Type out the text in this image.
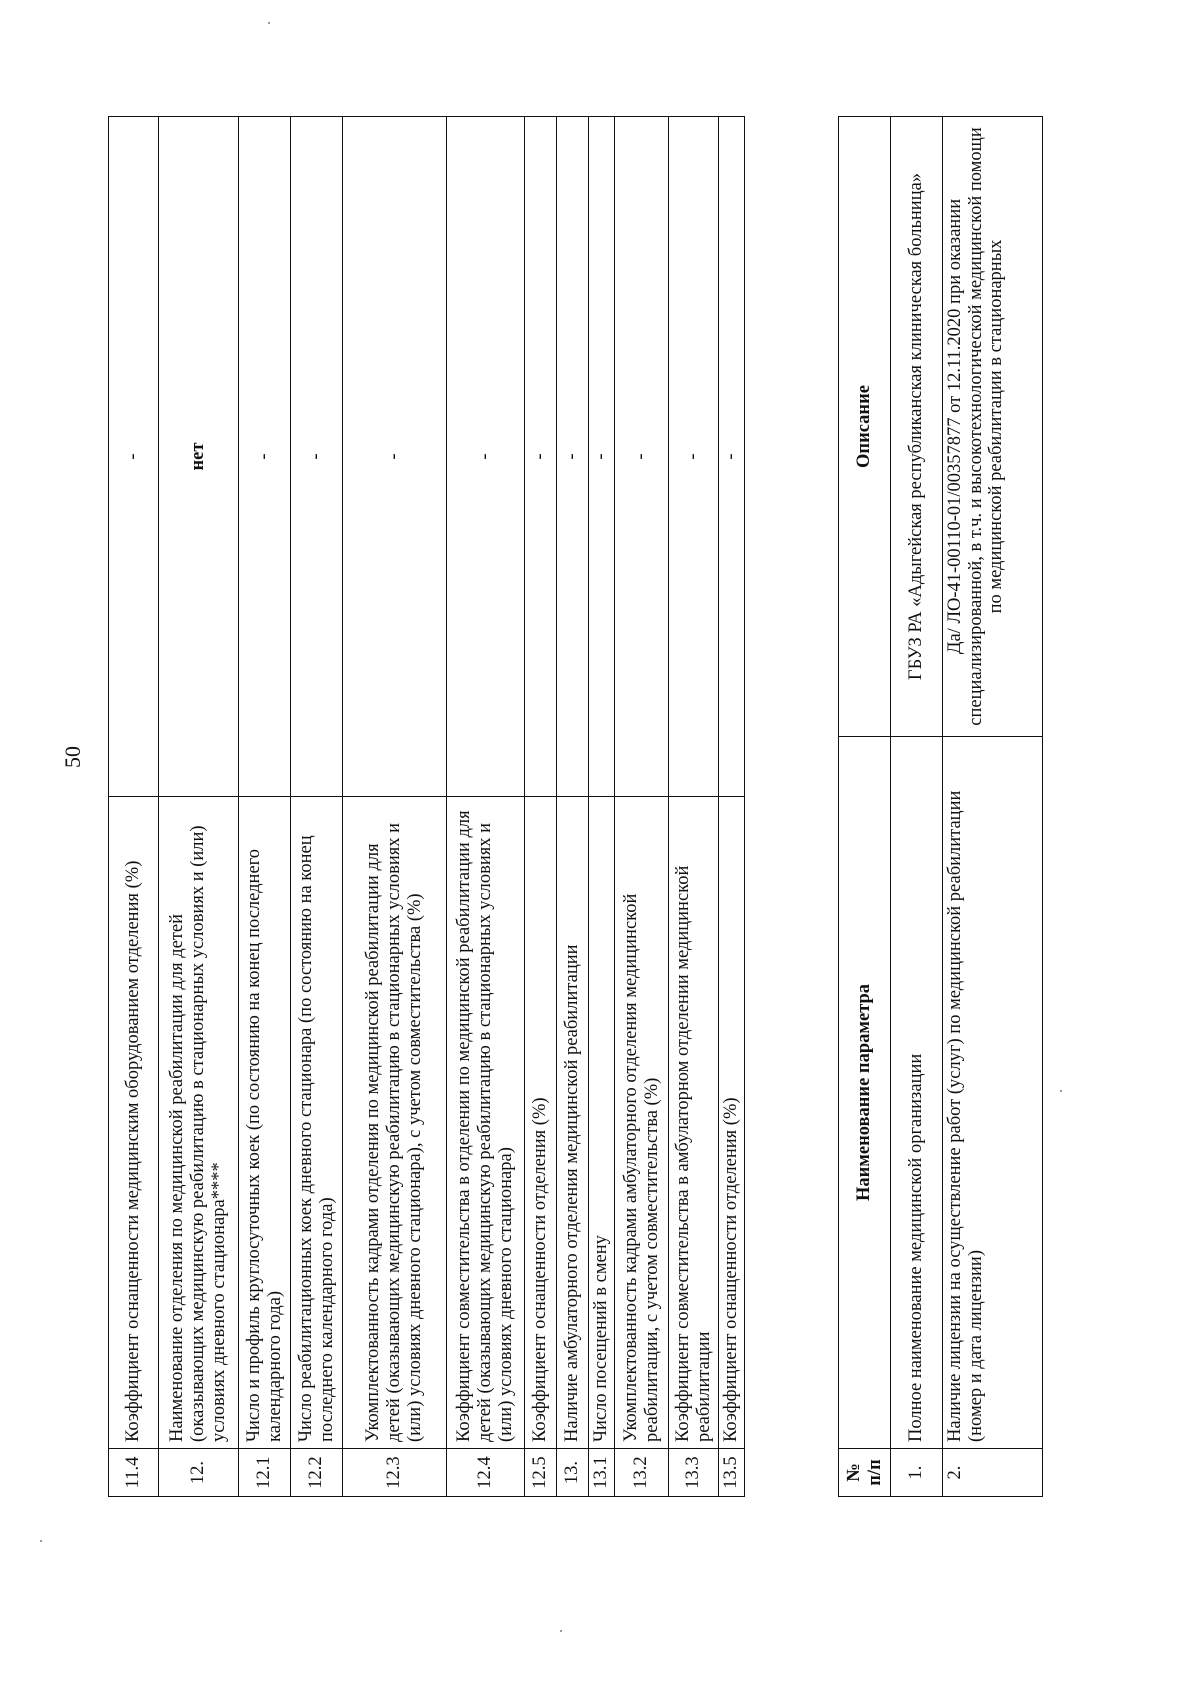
50
11.4	Коэффициент оснащенности медицинским оборудованием отделения (%)	-
12.	Наименование отделения по медицинской реабилитации для детей (оказывающих медицинскую реабилитацию в стационарных условиях и (или) условиях дневного стационара****	нет
12.1	Число и профиль круглосуточных коек (по состоянию на конец последнего календарного года)	-
12.2	Число реабилитационных коек дневного стационара (по состоянию на конец последнего календарного года)	-
12.3	Укомплектованность кадрами отделения по медицинской реабилитации для детей (оказывающих медицинскую реабилитацию в стационарных условиях и (или) условиях дневного стационара), с учетом совместительства (%)	-
12.4	Коэффициент совместительства в отделении по медицинской реабилитации для детей (оказывающих медицинскую реабилитацию в стационарных условиях и (или) условиях дневного стационара)	-
12.5	Коэффициент оснащенности отделения (%)	-
13.	Наличие амбулаторного отделения медицинской реабилитации	-
13.1	Число посещений в смену	-
13.2	Укомплектованность кадрами амбулаторного отделения медицинской реабилитации, с учетом совместительства (%)	-
13.3	Коэффициент совместительства в амбулаторном отделении медицинской реабилитации	-
13.5	Коэффициент оснащенности отделения (%)	-
№ п/п	Наименование параметра	Описание
1.	Полное наименование медицинской организации	ГБУЗ РА «Адыгейская республиканская клиническая больница»
2.	Наличие лицензии на осуществление работ (услуг) по медицинской реабилитации (номер и дата лицензии)	Да/ ЛО-41-00110-01/00357877 от 12.11.2020 при оказании специализированной, в т.ч. и высокотехнологической медицинской помощи по медицинской реабилитации в стационарных
